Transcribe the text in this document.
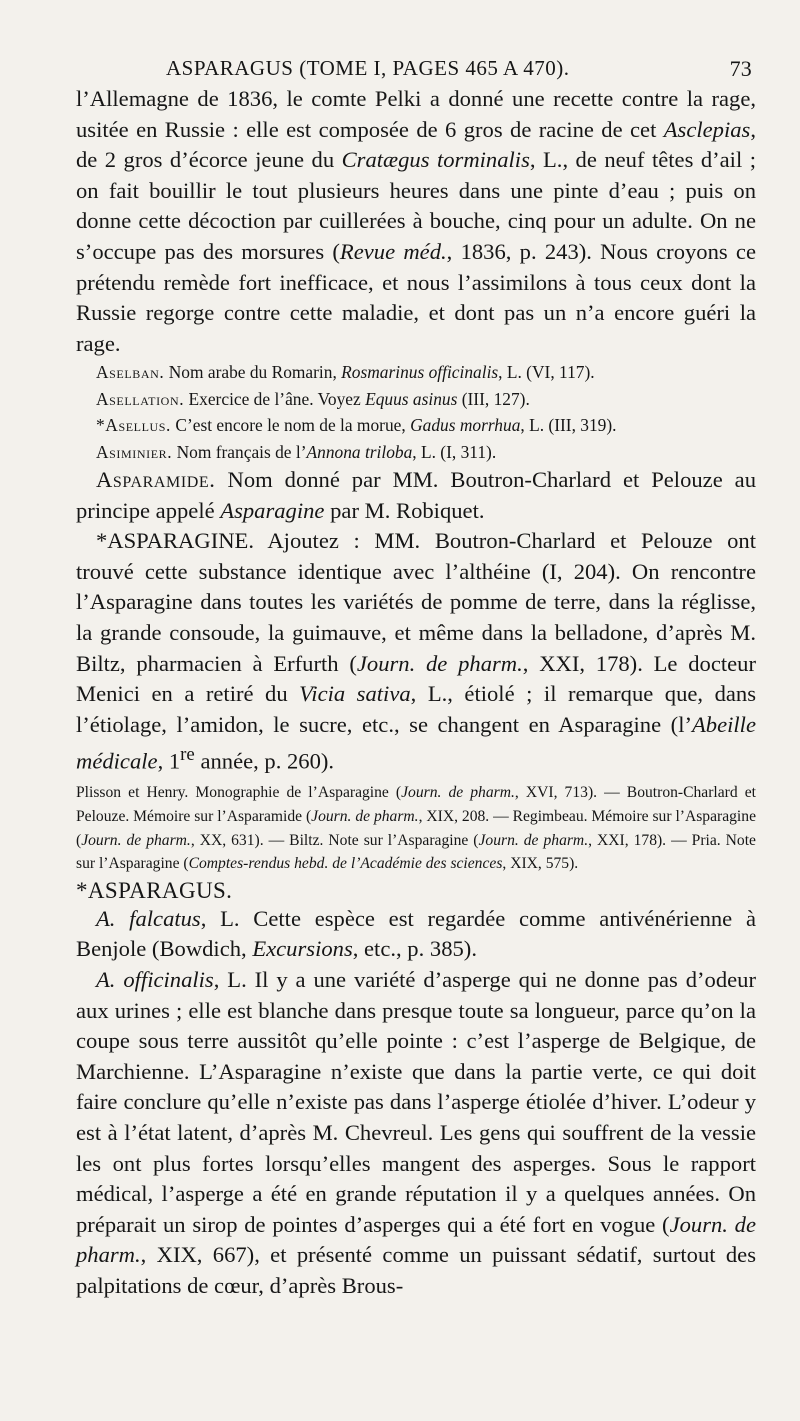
ASPARAGUS (TOME I, PAGES 465 A 470).	73

l’Allemagne de 1836, le comte Pelki a donné une recette contre la rage, usitée en Russie : elle est composée de 6 gros de racine de cet Asclepias, de 2 gros d’écorce jeune du Cratægus torminalis, L., de neuf têtes d’ail ; on fait bouillir le tout plusieurs heures dans une pinte d’eau ; puis on donne cette décoction par cuillerées à bouche, cinq pour un adulte. On ne s’occupe pas des morsures (Revue méd., 1836, p. 243). Nous croyons ce prétendu remède fort inefficace, et nous l’assimilons à tous ceux dont la Russie regorge contre cette maladie, et dont pas un n’a encore guéri la rage.

Aselban. Nom arabe du Romarin, Rosmarinus officinalis, L. (VI, 117).

Asellation. Exercice de l’âne. Voyez Equus asinus (III, 127).

*Asellus. C’est encore le nom de la morue, Gadus morrhua, L. (III, 319).

Asiminier. Nom français de l’Annona triloba, L. (I, 311).

Asparamide. Nom donné par MM. Boutron-Charlard et Pelouze au principe appelé Asparagine par M. Robiquet.

*ASPARAGINE. Ajoutez : MM. Boutron-Charlard et Pelouze ont trouvé cette substance identique avec l’althéine (I, 204). On rencontre l’Asparagine dans toutes les variétés de pomme de terre, dans la réglisse, la grande consoude, la guimauve, et même dans la belladone, d’après M. Biltz, pharmacien à Erfurth (Journ. de pharm., XXI, 178). Le docteur Menici en a retiré du Vicia sativa, L., étiolé ; il remarque que, dans l’étiolage, l’amidon, le sucre, etc., se changent en Asparagine (l’Abeille médicale, 1re année, p. 260).

Plisson et Henry. Monographie de l’Asparagine (Journ. de pharm., XVI, 713). — Boutron-Charlard et Pelouze. Mémoire sur l’Asparamide (Journ. de pharm., XIX, 208. — Regimbeau. Mémoire sur l’Asparagine (Journ. de pharm., XX, 631). — Biltz. Note sur l’Asparagine (Journ. de pharm., XXI, 178). — Pria. Note sur l’Asparagine (Comptes-rendus hebd. de l’Académie des sciences, XIX, 575).

*ASPARAGUS.

A. falcatus, L. Cette espèce est regardée comme antivénérienne à Benjole (Bowdich, Excursions, etc., p. 385).

A. officinalis, L. Il y a une variété d’asperge qui ne donne pas d’odeur aux urines ; elle est blanche dans presque toute sa longueur, parce qu’on la coupe sous terre aussitôt qu’elle pointe : c’est l’asperge de Belgique, de Marchienne. L’Asparagine n’existe que dans la partie verte, ce qui doit faire conclure qu’elle n’existe pas dans l’asperge étiolée d’hiver. L’odeur y est à l’état latent, d’après M. Chevreul. Les gens qui souffrent de la vessie les ont plus fortes lorsqu’elles mangent des asperges. Sous le rapport médical, l’asperge a été en grande réputation il y a quelques années. On préparait un sirop de pointes d’asperges qui a été fort en vogue (Journ. de pharm., XIX, 667), et présenté comme un puissant sédatif, surtout des palpitations de cœur, d’après Brous-
